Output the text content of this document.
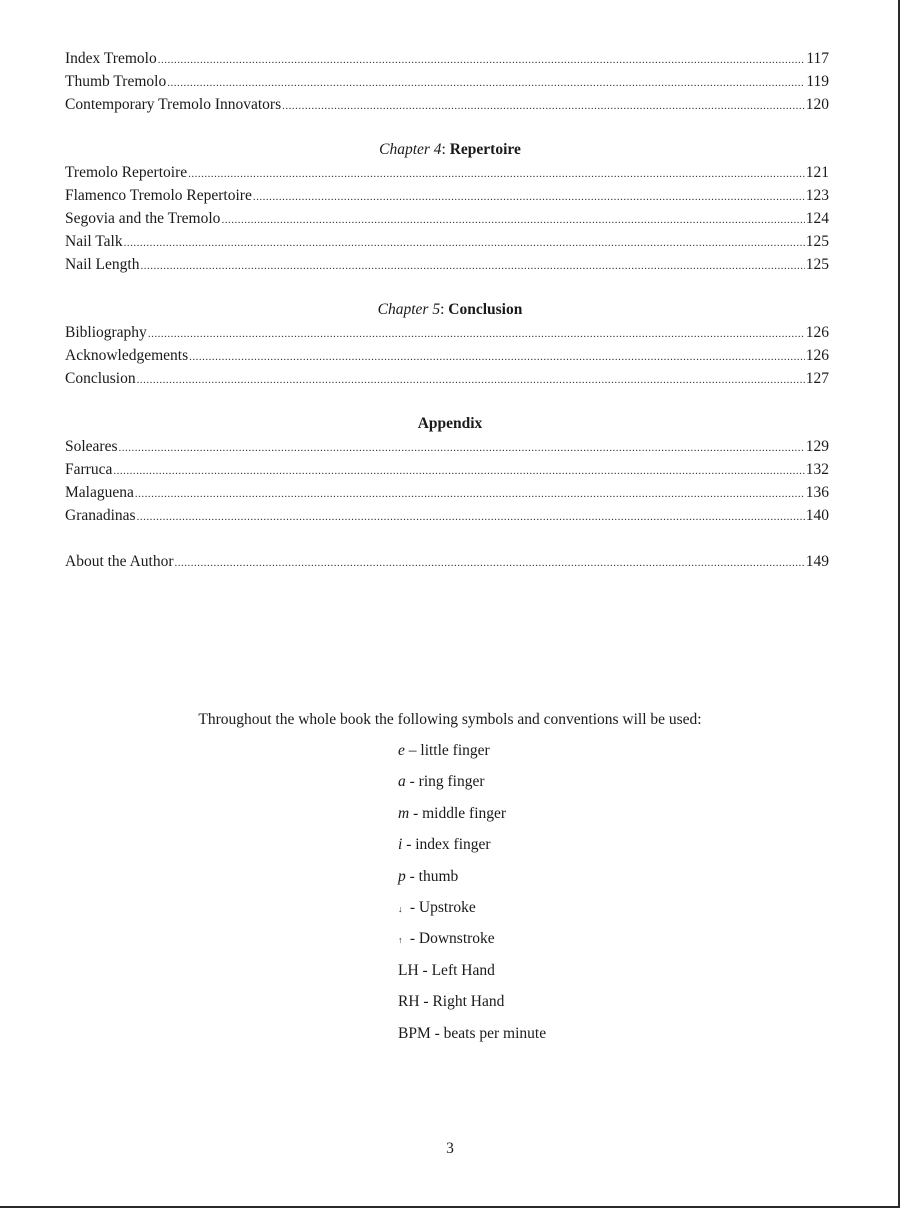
Index Tremolo .....	117
Thumb Tremolo .....	119
Contemporary Tremolo Innovators .....	120
Chapter 4: Repertoire
Tremolo Repertoire .....	121
Flamenco Tremolo Repertoire .....	123
Segovia and the Tremolo .....	124
Nail Talk .....	125
Nail Length .....	125
Chapter 5: Conclusion
Bibliography .....	126
Acknowledgements .....	126
Conclusion .....	127
Appendix
Soleares .....	129
Farruca .....	132
Malaguena .....	136
Granadinas .....	140
About the Author .....	149
Throughout the whole book the following symbols and conventions will be used:
e – little finger
a - ring finger
m - middle finger
i - index finger
p - thumb
↓ - Upstroke
↑ - Downstroke
LH - Left Hand
RH - Right Hand
BPM - beats per minute
3
